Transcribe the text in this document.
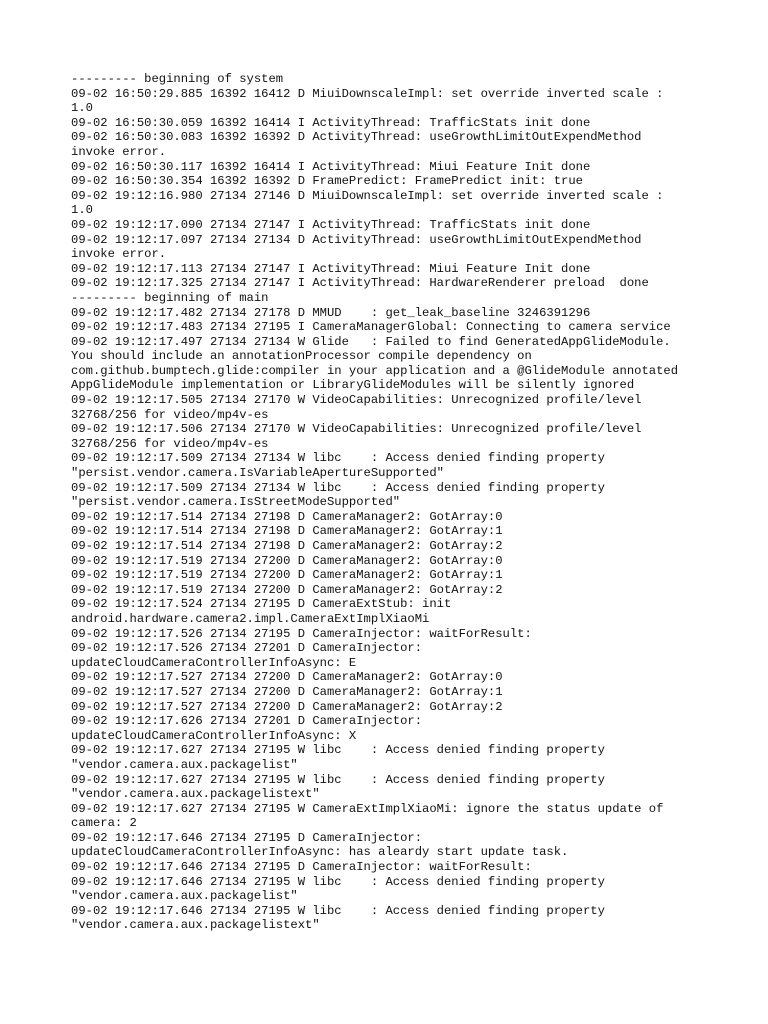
--------- beginning of system
09-02 16:50:29.885 16392 16412 D MiuiDownscaleImpl: set override inverted scale :
1.0
09-02 16:50:30.059 16392 16414 I ActivityThread: TrafficStats init done
09-02 16:50:30.083 16392 16392 D ActivityThread: useGrowthLimitOutExpendMethod
invoke error.
09-02 16:50:30.117 16392 16414 I ActivityThread: Miui Feature Init done
09-02 16:50:30.354 16392 16392 D FramePredict: FramePredict init: true
09-02 19:12:16.980 27134 27146 D MiuiDownscaleImpl: set override inverted scale :
1.0
09-02 19:12:17.090 27134 27147 I ActivityThread: TrafficStats init done
09-02 19:12:17.097 27134 27134 D ActivityThread: useGrowthLimitOutExpendMethod
invoke error.
09-02 19:12:17.113 27134 27147 I ActivityThread: Miui Feature Init done
09-02 19:12:17.325 27134 27147 I ActivityThread: HardwareRenderer preload  done
--------- beginning of main
09-02 19:12:17.482 27134 27178 D MMUD    : get_leak_baseline 3246391296
09-02 19:12:17.483 27134 27195 I CameraManagerGlobal: Connecting to camera service
09-02 19:12:17.497 27134 27134 W Glide   : Failed to find GeneratedAppGlideModule.
You should include an annotationProcessor compile dependency on
com.github.bumptech.glide:compiler in your application and a @GlideModule annotated
AppGlideModule implementation or LibraryGlideModules will be silently ignored
09-02 19:12:17.505 27134 27170 W VideoCapabilities: Unrecognized profile/level
32768/256 for video/mp4v-es
09-02 19:12:17.506 27134 27170 W VideoCapabilities: Unrecognized profile/level
32768/256 for video/mp4v-es
09-02 19:12:17.509 27134 27134 W libc    : Access denied finding property
"persist.vendor.camera.IsVariableApertureSupported"
09-02 19:12:17.509 27134 27134 W libc    : Access denied finding property
"persist.vendor.camera.IsStreetModeSupported"
09-02 19:12:17.514 27134 27198 D CameraManager2: GotArray:0
09-02 19:12:17.514 27134 27198 D CameraManager2: GotArray:1
09-02 19:12:17.514 27134 27198 D CameraManager2: GotArray:2
09-02 19:12:17.519 27134 27200 D CameraManager2: GotArray:0
09-02 19:12:17.519 27134 27200 D CameraManager2: GotArray:1
09-02 19:12:17.519 27134 27200 D CameraManager2: GotArray:2
09-02 19:12:17.524 27134 27195 D CameraExtStub: init
android.hardware.camera2.impl.CameraExtImplXiaoMi
09-02 19:12:17.526 27134 27195 D CameraInjector: waitForResult:
09-02 19:12:17.526 27134 27201 D CameraInjector:
updateCloudCameraControllerInfoAsync: E
09-02 19:12:17.527 27134 27200 D CameraManager2: GotArray:0
09-02 19:12:17.527 27134 27200 D CameraManager2: GotArray:1
09-02 19:12:17.527 27134 27200 D CameraManager2: GotArray:2
09-02 19:12:17.626 27134 27201 D CameraInjector:
updateCloudCameraControllerInfoAsync: X
09-02 19:12:17.627 27134 27195 W libc    : Access denied finding property
"vendor.camera.aux.packagelist"
09-02 19:12:17.627 27134 27195 W libc    : Access denied finding property
"vendor.camera.aux.packagelistext"
09-02 19:12:17.627 27134 27195 W CameraExtImplXiaoMi: ignore the status update of
camera: 2
09-02 19:12:17.646 27134 27195 D CameraInjector:
updateCloudCameraControllerInfoAsync: has aleardy start update task.
09-02 19:12:17.646 27134 27195 D CameraInjector: waitForResult:
09-02 19:12:17.646 27134 27195 W libc    : Access denied finding property
"vendor.camera.aux.packagelist"
09-02 19:12:17.646 27134 27195 W libc    : Access denied finding property
"vendor.camera.aux.packagelistext"
